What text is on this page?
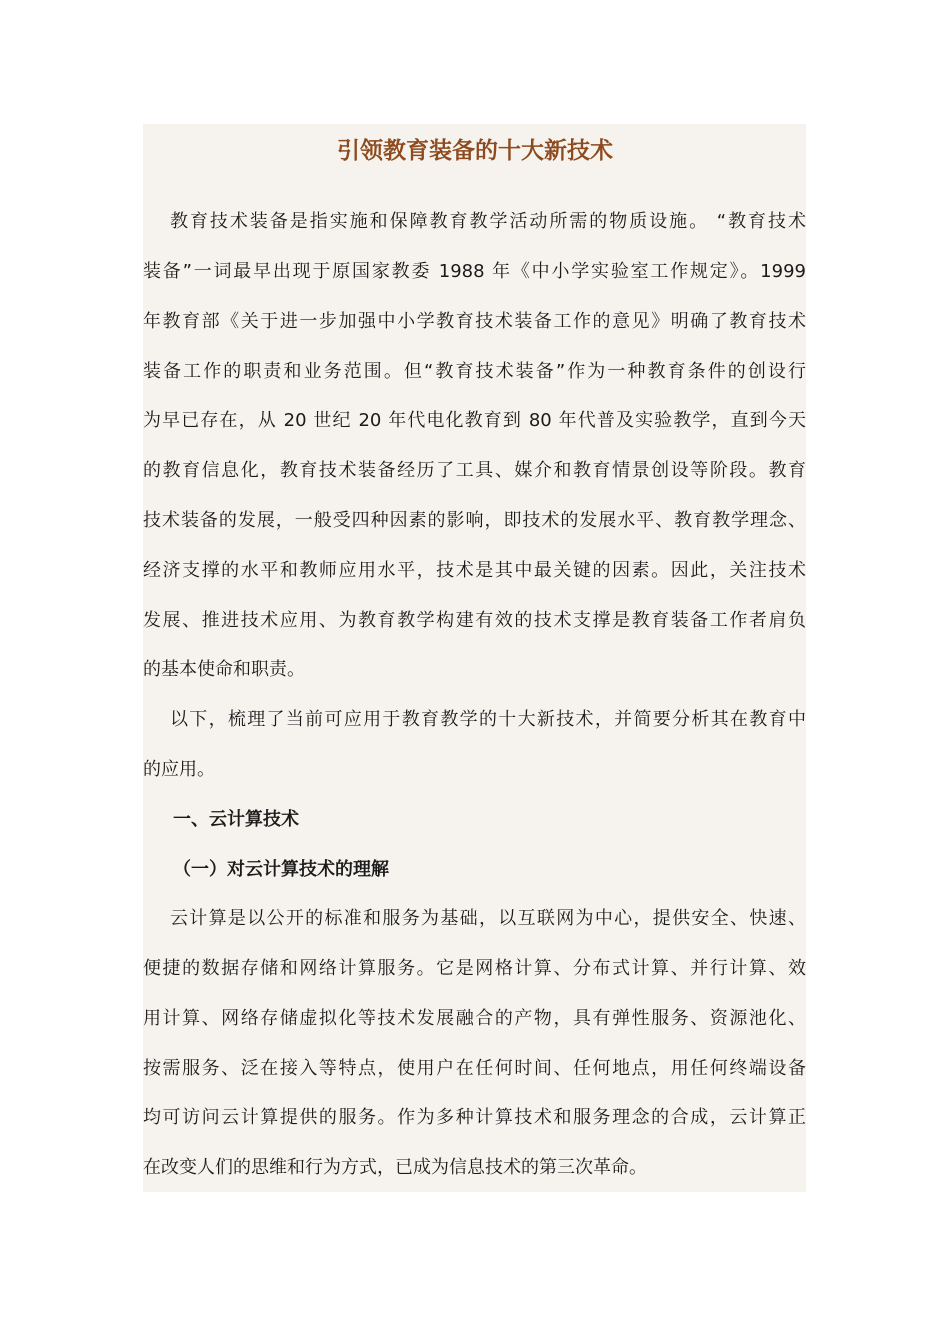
引领教育装备的十大新技术

教育技术装备是指实施和保障教育教学活动所需的物质设施。 “教育技术

装备”一词最早出现于原国家教委 1988 年《中小学实验室工作规定》。1999

年教育部《关于进一步加强中小学教育技术装备工作的意见》明确了教育技术

装备工作的职责和业务范围。但“教育技术装备”作为一种教育条件的创设行

为早已存在，从 20 世纪 20 年代电化教育到 80 年代普及实验教学，直到今天

的教育信息化，教育技术装备经历了工具、媒介和教育情景创设等阶段。教育

技术装备的发展，一般受四种因素的影响，即技术的发展水平、教育教学理念、

经济支撑的水平和教师应用水平，技术是其中最关键的因素。因此，关注技术

发展、推进技术应用、为教育教学构建有效的技术支撑是教育装备工作者肩负

的基本使命和职责。

以下，梳理了当前可应用于教育教学的十大新技术，并简要分析其在教育中

的应用。

一、云计算技术

（一）对云计算技术的理解

云计算是以公开的标准和服务为基础，以互联网为中心，提供安全、快速、

便捷的数据存储和网络计算服务。它是网格计算、分布式计算、并行计算、效

用计算、网络存储虚拟化等技术发展融合的产物，具有弹性服务、资源池化、

按需服务、泛在接入等特点，使用户在任何时间、任何地点，用任何终端设备

均可访问云计算提供的服务。作为多种计算技术和服务理念的合成，云计算正

在改变人们的思维和行为方式，已成为信息技术的第三次革命。
